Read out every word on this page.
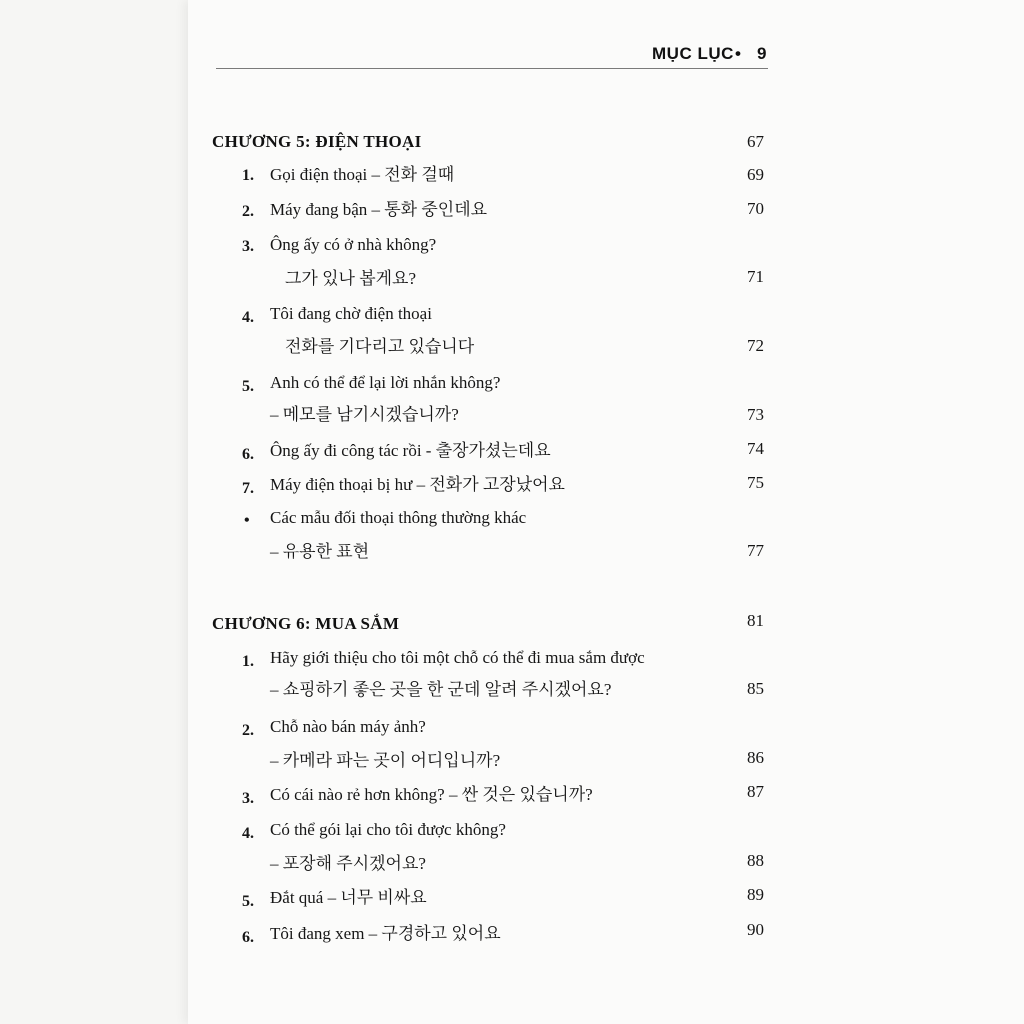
MỤC LỤC • 9
CHƯƠNG 5: ĐIỆN THOẠI	67
1. Gọi điện thoại – 전화 걸때	69
2. Máy đang bận – 통화 중인데요	70
3. Ông ấy có ở nhà không?
그가 있나 봅게요?	71
4. Tôi đang chờ điện thoại
전화를 기다리고 있습니다	72
5. Anh có thể để lại lời nhắn không?
– 메모를 남기시겠습니까?	73
6. Ông ấy đi công tác rồi - 출장가셨는데요	74
7. Máy điện thoại bị hư – 전화가 고장났어요	75
• Các mẫu đối thoại thông thường khác
– 유용한 표현	77
CHƯƠNG 6: MUA SẮM	81
1. Hãy giới thiệu cho tôi một chỗ có thể đi mua sắm được
– 쇼핑하기 좋은 곳을 한 군데 알려 주시겠어요?	85
2. Chỗ nào bán máy ảnh?
– 카메라 파는 곳이 어디입니까?	86
3. Có cái nào rẻ hơn không? – 싼 것은 있습니까?	87
4. Có thể gói lại cho tôi được không?
– 포장해 주시겠어요?	88
5. Đắt quá – 너무 비싸요	89
6. Tôi đang xem – 구경하고 있어요	90
